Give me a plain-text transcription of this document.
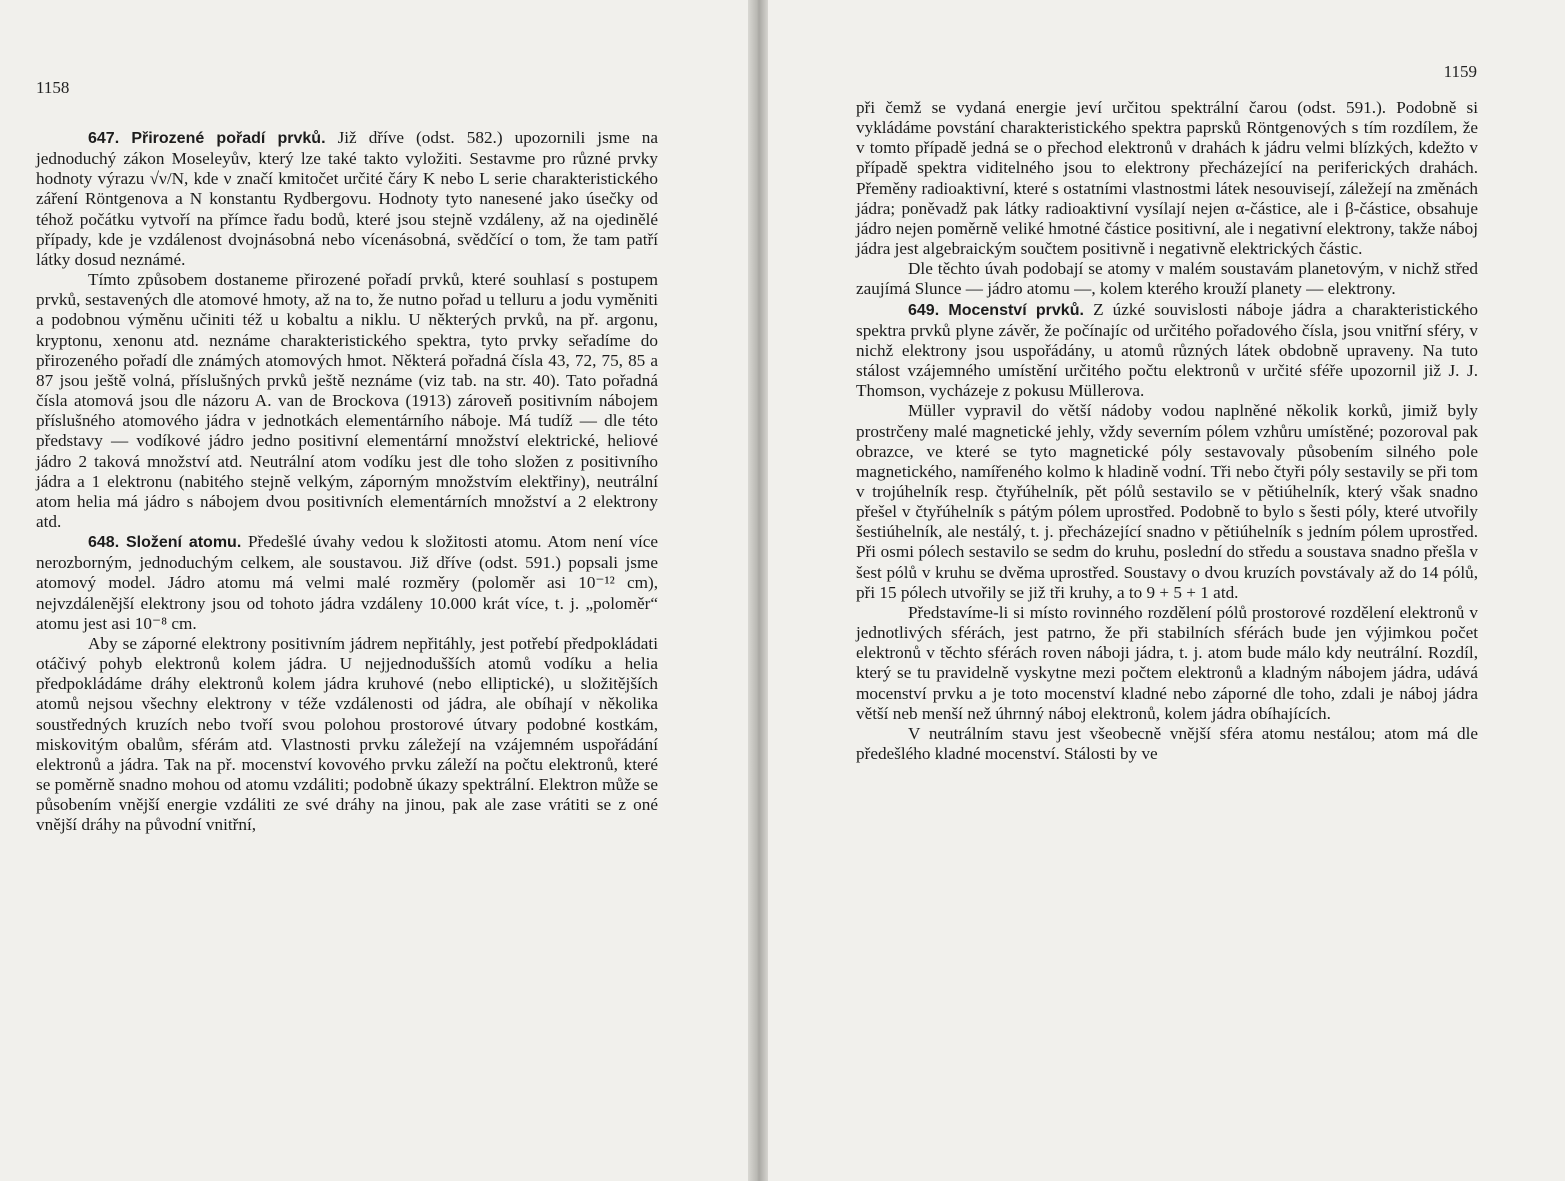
1158

647. Přirozené pořadí prvků. Již dříve (odst. 582.) upozornili jsme na jednoduchý zákon Moseleyův, který lze také takto vyložiti. Sestavme pro různé prvky hodnoty výrazu √ν/N, kde ν značí kmitočet určité čáry K nebo L serie charakteristického záření Röntgenova a N konstantu Rydbergovu. Hodnoty tyto nanesené jako úsečky od téhož počátku vytvoří na přímce řadu bodů, které jsou stejně vzdáleny, až na ojedinělé případy, kde je vzdálenost dvojnásobná nebo vícenásobná, svědčící o tom, že tam patří látky dosud neznámé.

Tímto způsobem dostaneme přirozené pořadí prvků, které souhlasí s postupem prvků, sestavených dle atomové hmoty, až na to, že nutno pořad u telluru a jodu vyměniti a podobnou výměnu učiniti též u kobaltu a niklu. U některých prvků, na př. argonu, kryptonu, xenonu atd. neznáme charakteristického spektra, tyto prvky seřadíme do přirozeného pořadí dle známých atomových hmot. Některá pořadná čísla 43, 72, 75, 85 a 87 jsou ještě volná, příslušných prvků ještě neznáme (viz tab. na str. 40). Tato pořadná čísla atomová jsou dle názoru A. van de Brockova (1913) zároveň positivním nábojem příslušného atomového jádra v jednotkách elementárního náboje. Má tudíž — dle této představy — vodíkové jádro jedno positivní elementární množství elektrické, heliové jádro 2 taková množství atd. Neutrální atom vodíku jest dle toho složen z positivního jádra a 1 elektronu (nabitého stejně velkým, záporným množstvím elektřiny), neutrální atom helia má jádro s nábojem dvou positivních elementárních množství a 2 elektrony atd.

648. Složení atomu. Předešlé úvahy vedou k složitosti atomu. Atom není více nerozborným, jednoduchým celkem, ale soustavou. Již dříve (odst. 591.) popsali jsme atomový model. Jádro atomu má velmi malé rozměry (poloměr asi 10⁻¹² cm), nejvzdálenější elektrony jsou od tohoto jádra vzdáleny 10.000 krát více, t. j. „poloměr“ atomu jest asi 10⁻⁸ cm.

Aby se záporné elektrony positivním jádrem nepřitáhly, jest potřebí předpokládati otáčivý pohyb elektronů kolem jádra. U nejjednodušších atomů vodíku a helia předpokládáme dráhy elektronů kolem jádra kruhové (nebo elliptické), u složitějších atomů nejsou všechny elektrony v téže vzdálenosti od jádra, ale obíhají v několika soustředných kruzích nebo tvoří svou polohou prostorové útvary podobné kostkám, miskovitým obalům, sférám atd. Vlastnosti prvku záležejí na vzájemném uspořádání elektronů a jádra. Tak na př. mocenství kovového prvku záleží na počtu elektronů, které se poměrně snadno mohou od atomu vzdáliti; podobně úkazy spektrální. Elektron může se působením vnější energie vzdáliti ze své dráhy na jinou, pak ale zase vrátiti se z oné vnější dráhy na původní vnitřní,

1159

při čemž se vydaná energie jeví určitou spektrální čarou (odst. 591.). Podobně si vykládáme povstání charakteristického spektra paprsků Röntgenových s tím rozdílem, že v tomto případě jedná se o přechod elektronů v drahách k jádru velmi blízkých, kdežto v případě spektra viditelného jsou to elektrony přecházející na periferických drahách. Přeměny radioaktivní, které s ostatními vlastnostmi látek nesouvisejí, záležejí na změnách jádra; poněvadž pak látky radioaktivní vysílají nejen α-částice, ale i β-částice, obsahuje jádro nejen poměrně veliké hmotné částice positivní, ale i negativní elektrony, takže náboj jádra jest algebraickým součtem positivně i negativně elektrických částic.

Dle těchto úvah podobají se atomy v malém soustavám planetovým, v nichž střed zaujímá Slunce — jádro atomu —, kolem kterého krouží planety — elektrony.

649. Mocenství prvků. Z úzké souvislosti náboje jádra a charakteristického spektra prvků plyne závěr, že počínajíc od určitého pořadového čísla, jsou vnitřní sféry, v nichž elektrony jsou uspořádány, u atomů různých látek obdobně upraveny. Na tuto stálost vzájemného umístění určitého počtu elektronů v určité sféře upozornil již J. J. Thomson, vycházeje z pokusu Müllerova.

Müller vypravil do větší nádoby vodou naplněné několik korků, jimiž byly prostrčeny malé magnetické jehly, vždy severním pólem vzhůru umístěné; pozoroval pak obrazce, ve které se tyto magnetické póly sestavovaly působením silného pole magnetického, namířeného kolmo k hladině vodní. Tři nebo čtyři póly sestavily se při tom v trojúhelník resp. čtyřúhelník, pět pólů sestavilo se v pětiúhelník, který však snadno přešel v čtyřúhelník s pátým pólem uprostřed. Podobně to bylo s šesti póly, které utvořily šestiúhelník, ale nestálý, t. j. přecházející snadno v pětiúhelník s jedním pólem uprostřed. Při osmi pólech sestavilo se sedm do kruhu, poslední do středu a soustava snadno přešla v šest pólů v kruhu se dvěma uprostřed. Soustavy o dvou kruzích povstávaly až do 14 pólů, při 15 pólech utvořily se již tři kruhy, a to 9 + 5 + 1 atd.

Představíme-li si místo rovinného rozdělení pólů prostorové rozdělení elektronů v jednotlivých sférách, jest patrno, že při stabilních sférách bude jen výjimkou počet elektronů v těchto sférách roven náboji jádra, t. j. atom bude málo kdy neutrální. Rozdíl, který se tu pravidelně vyskytne mezi počtem elektronů a kladným nábojem jádra, udává mocenství prvku a je toto mocenství kladné nebo záporné dle toho, zdali je náboj jádra větší neb menší než úhrnný náboj elektronů, kolem jádra obíhajících.

V neutrálním stavu jest všeobecně vnější sféra atomu nestálou; atom má dle předešlého kladné mocenství. Stálosti by ve
